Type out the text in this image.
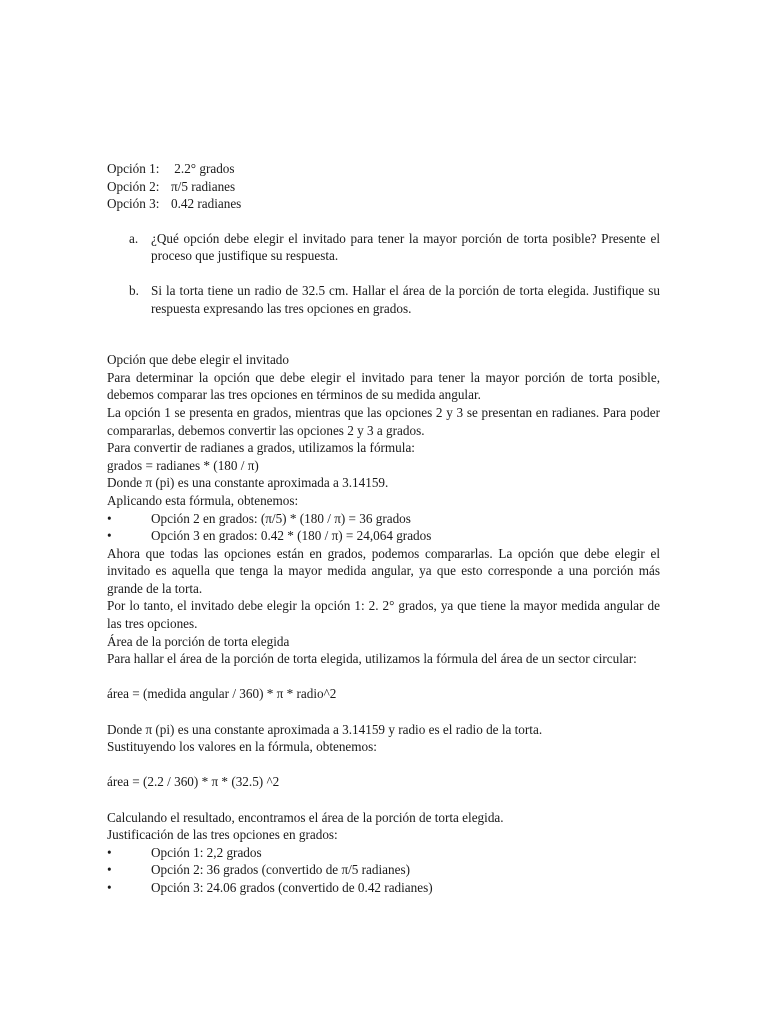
Opción 1: 2.2° grados
Opción 2: π/5 radianes
Opción 3: 0.42 radianes
a. ¿Qué opción debe elegir el invitado para tener la mayor porción de torta posible? Presente el proceso que justifique su respuesta.
b. Si la torta tiene un radio de 32.5 cm. Hallar el área de la porción de torta elegida. Justifique su respuesta expresando las tres opciones en grados.

Opción que debe elegir el invitado

Para determinar la opción que debe elegir el invitado para tener la mayor porción de torta posible, debemos comparar las tres opciones en términos de su medida angular.

La opción 1 se presenta en grados, mientras que las opciones 2 y 3 se presentan en radianes. Para poder compararlas, debemos convertir las opciones 2 y 3 a grados.

Para convertir de radianes a grados, utilizamos la fórmula:

grados = radianes * (180 / π)

Donde π (pi) es una constante aproximada a 3.14159.

Aplicando esta fórmula, obtenemos:

•	Opción 2 en grados: (π/5) * (180 / π) = 36 grados
•	Opción 3 en grados: 0.42 * (180 / π) = 24,064 grados

Ahora que todas las opciones están en grados, podemos compararlas. La opción que debe elegir el invitado es aquella que tenga la mayor medida angular, ya que esto corresponde a una porción más grande de la torta.

Por lo tanto, el invitado debe elegir la opción 1: 2. 2° grados, ya que tiene la mayor medida angular de las tres opciones.

Área de la porción de torta elegida

Para hallar el área de la porción de torta elegida, utilizamos la fórmula del área de un sector circular:

área = (medida angular / 360) * π * radio^2

Donde π (pi) es una constante aproximada a 3.14159 y radio es el radio de la torta.

Sustituyendo los valores en la fórmula, obtenemos:

área = (2.2 / 360) * π * (32.5) ^2

Calculando el resultado, encontramos el área de la porción de torta elegida.

Justificación de las tres opciones en grados:

•	Opción 1: 2,2 grados
•	Opción 2: 36 grados (convertido de π/5 radianes)
•	Opción 3: 24.06 grados (convertido de 0.42 radianes)
